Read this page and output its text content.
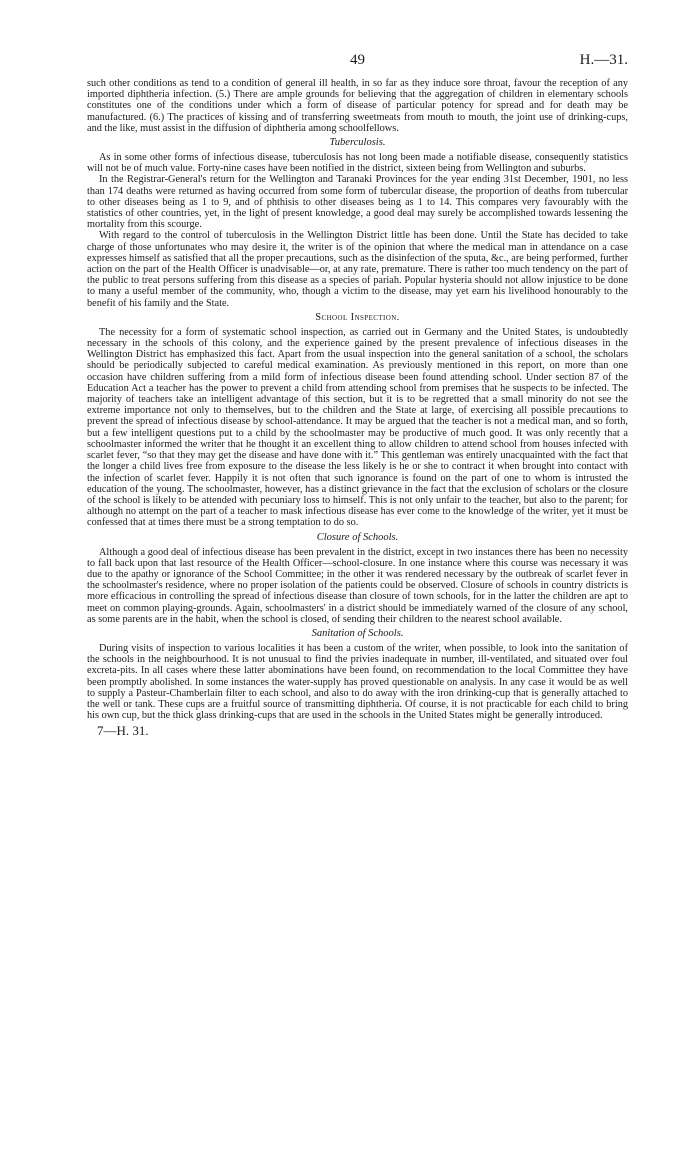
49	H.—31.

such other conditions as tend to a condition of general ill health, in so far as they induce sore throat, favour the reception of any imported diphtheria infection. (5.) There are ample grounds for believing that the aggregation of children in elementary schools constitutes one of the conditions under which a form of disease of particular potency for spread and for death may be manufactured. (6.) The practices of kissing and of transferring sweetmeats from mouth to mouth, the joint use of drinking-cups, and the like, must assist in the diffusion of diphtheria among schoolfellows.

Tuberculosis.

As in some other forms of infectious disease, tuberculosis has not long been made a notifiable disease, consequently statistics will not be of much value. Forty-nine cases have been notified in the district, sixteen being from Wellington and suburbs.

In the Registrar-General's return for the Wellington and Taranaki Provinces for the year ending 31st December, 1901, no less than 174 deaths were returned as having occurred from some form of tubercular disease, the proportion of deaths from tubercular to other diseases being as 1 to 9, and of phthisis to other diseases being as 1 to 14. This compares very favourably with the statistics of other countries, yet, in the light of present knowledge, a good deal may surely be accomplished towards lessening the mortality from this scourge.

With regard to the control of tuberculosis in the Wellington District little has been done. Until the State has decided to take charge of those unfortunates who may desire it, the writer is of the opinion that where the medical man in attendance on a case expresses himself as satisfied that all the proper precautions, such as the disinfection of the sputa, &c., are being performed, further action on the part of the Health Officer is unadvisable—or, at any rate, premature. There is rather too much tendency on the part of the public to treat persons suffering from this disease as a species of pariah. Popular hysteria should not allow injustice to be done to many a useful member of the community, who, though a victim to the disease, may yet earn his livelihood honourably to the benefit of his family and the State.

School Inspection.

The necessity for a form of systematic school inspection, as carried out in Germany and the United States, is undoubtedly necessary in the schools of this colony, and the experience gained by the present prevalence of infectious diseases in the Wellington District has emphasized this fact. Apart from the usual inspection into the general sanitation of a school, the scholars should be periodically subjected to careful medical examination. As previously mentioned in this report, on more than one occasion have children suffering from a mild form of infectious disease been found attending school. Under section 87 of the Education Act a teacher has the power to prevent a child from attending school from premises that he suspects to be infected. The majority of teachers take an intelligent advantage of this section, but it is to be regretted that a small minority do not see the extreme importance not only to themselves, but to the children and the State at large, of exercising all possible precautions to prevent the spread of infectious disease by school-attendance. It may be argued that the teacher is not a medical man, and so forth, but a few intelligent questions put to a child by the schoolmaster may be productive of much good. It was only recently that a schoolmaster informed the writer that he thought it an excellent thing to allow children to attend school from houses infected with scarlet fever, “so that they may get the disease and have done with it.” This gentleman was entirely unacquainted with the fact that the longer a child lives free from exposure to the disease the less likely is he or she to contract it when brought into contact with the infection of scarlet fever. Happily it is not often that such ignorance is found on the part of one to whom is intrusted the education of the young. The schoolmaster, however, has a distinct grievance in the fact that the exclusion of scholars or the closure of the school is likely to be attended with pecuniary loss to himself. This is not only unfair to the teacher, but also to the parent; for although no attempt on the part of a teacher to mask infectious disease has ever come to the knowledge of the writer, yet it must be confessed that at times there must be a strong temptation to do so.

Closure of Schools.

Although a good deal of infectious disease has been prevalent in the district, except in two instances there has been no necessity to fall back upon that last resource of the Health Officer—school-closure. In one instance where this course was necessary it was due to the apathy or ignorance of the School Committee; in the other it was rendered necessary by the outbreak of scarlet fever in the schoolmaster's residence, where no proper isolation of the patients could be observed. Closure of schools in country districts is more efficacious in controlling the spread of infectious disease than closure of town schools, for in the latter the children are apt to meet on common playing-grounds. Again, schoolmasters' in a district should be immediately warned of the closure of any school, as some parents are in the habit, when the school is closed, of sending their children to the nearest school available.

Sanitation of Schools.

During visits of inspection to various localities it has been a custom of the writer, when possible, to look into the sanitation of the schools in the neighbourhood. It is not unusual to find the privies inadequate in number, ill-ventilated, and situated over foul excreta-pits. In all cases where these latter abominations have been found, on recommendation to the local Committee they have been promptly abolished. In some instances the water-supply has proved questionable on analysis. In any case it would be as well to supply a Pasteur-Chamberlain filter to each school, and also to do away with the iron drinking-cup that is generally attached to the well or tank. These cups are a fruitful source of transmitting diphtheria. Of course, it is not practicable for each child to bring his own cup, but the thick glass drinking-cups that are used in the schools in the United States might be generally introduced.

7—H. 31.
